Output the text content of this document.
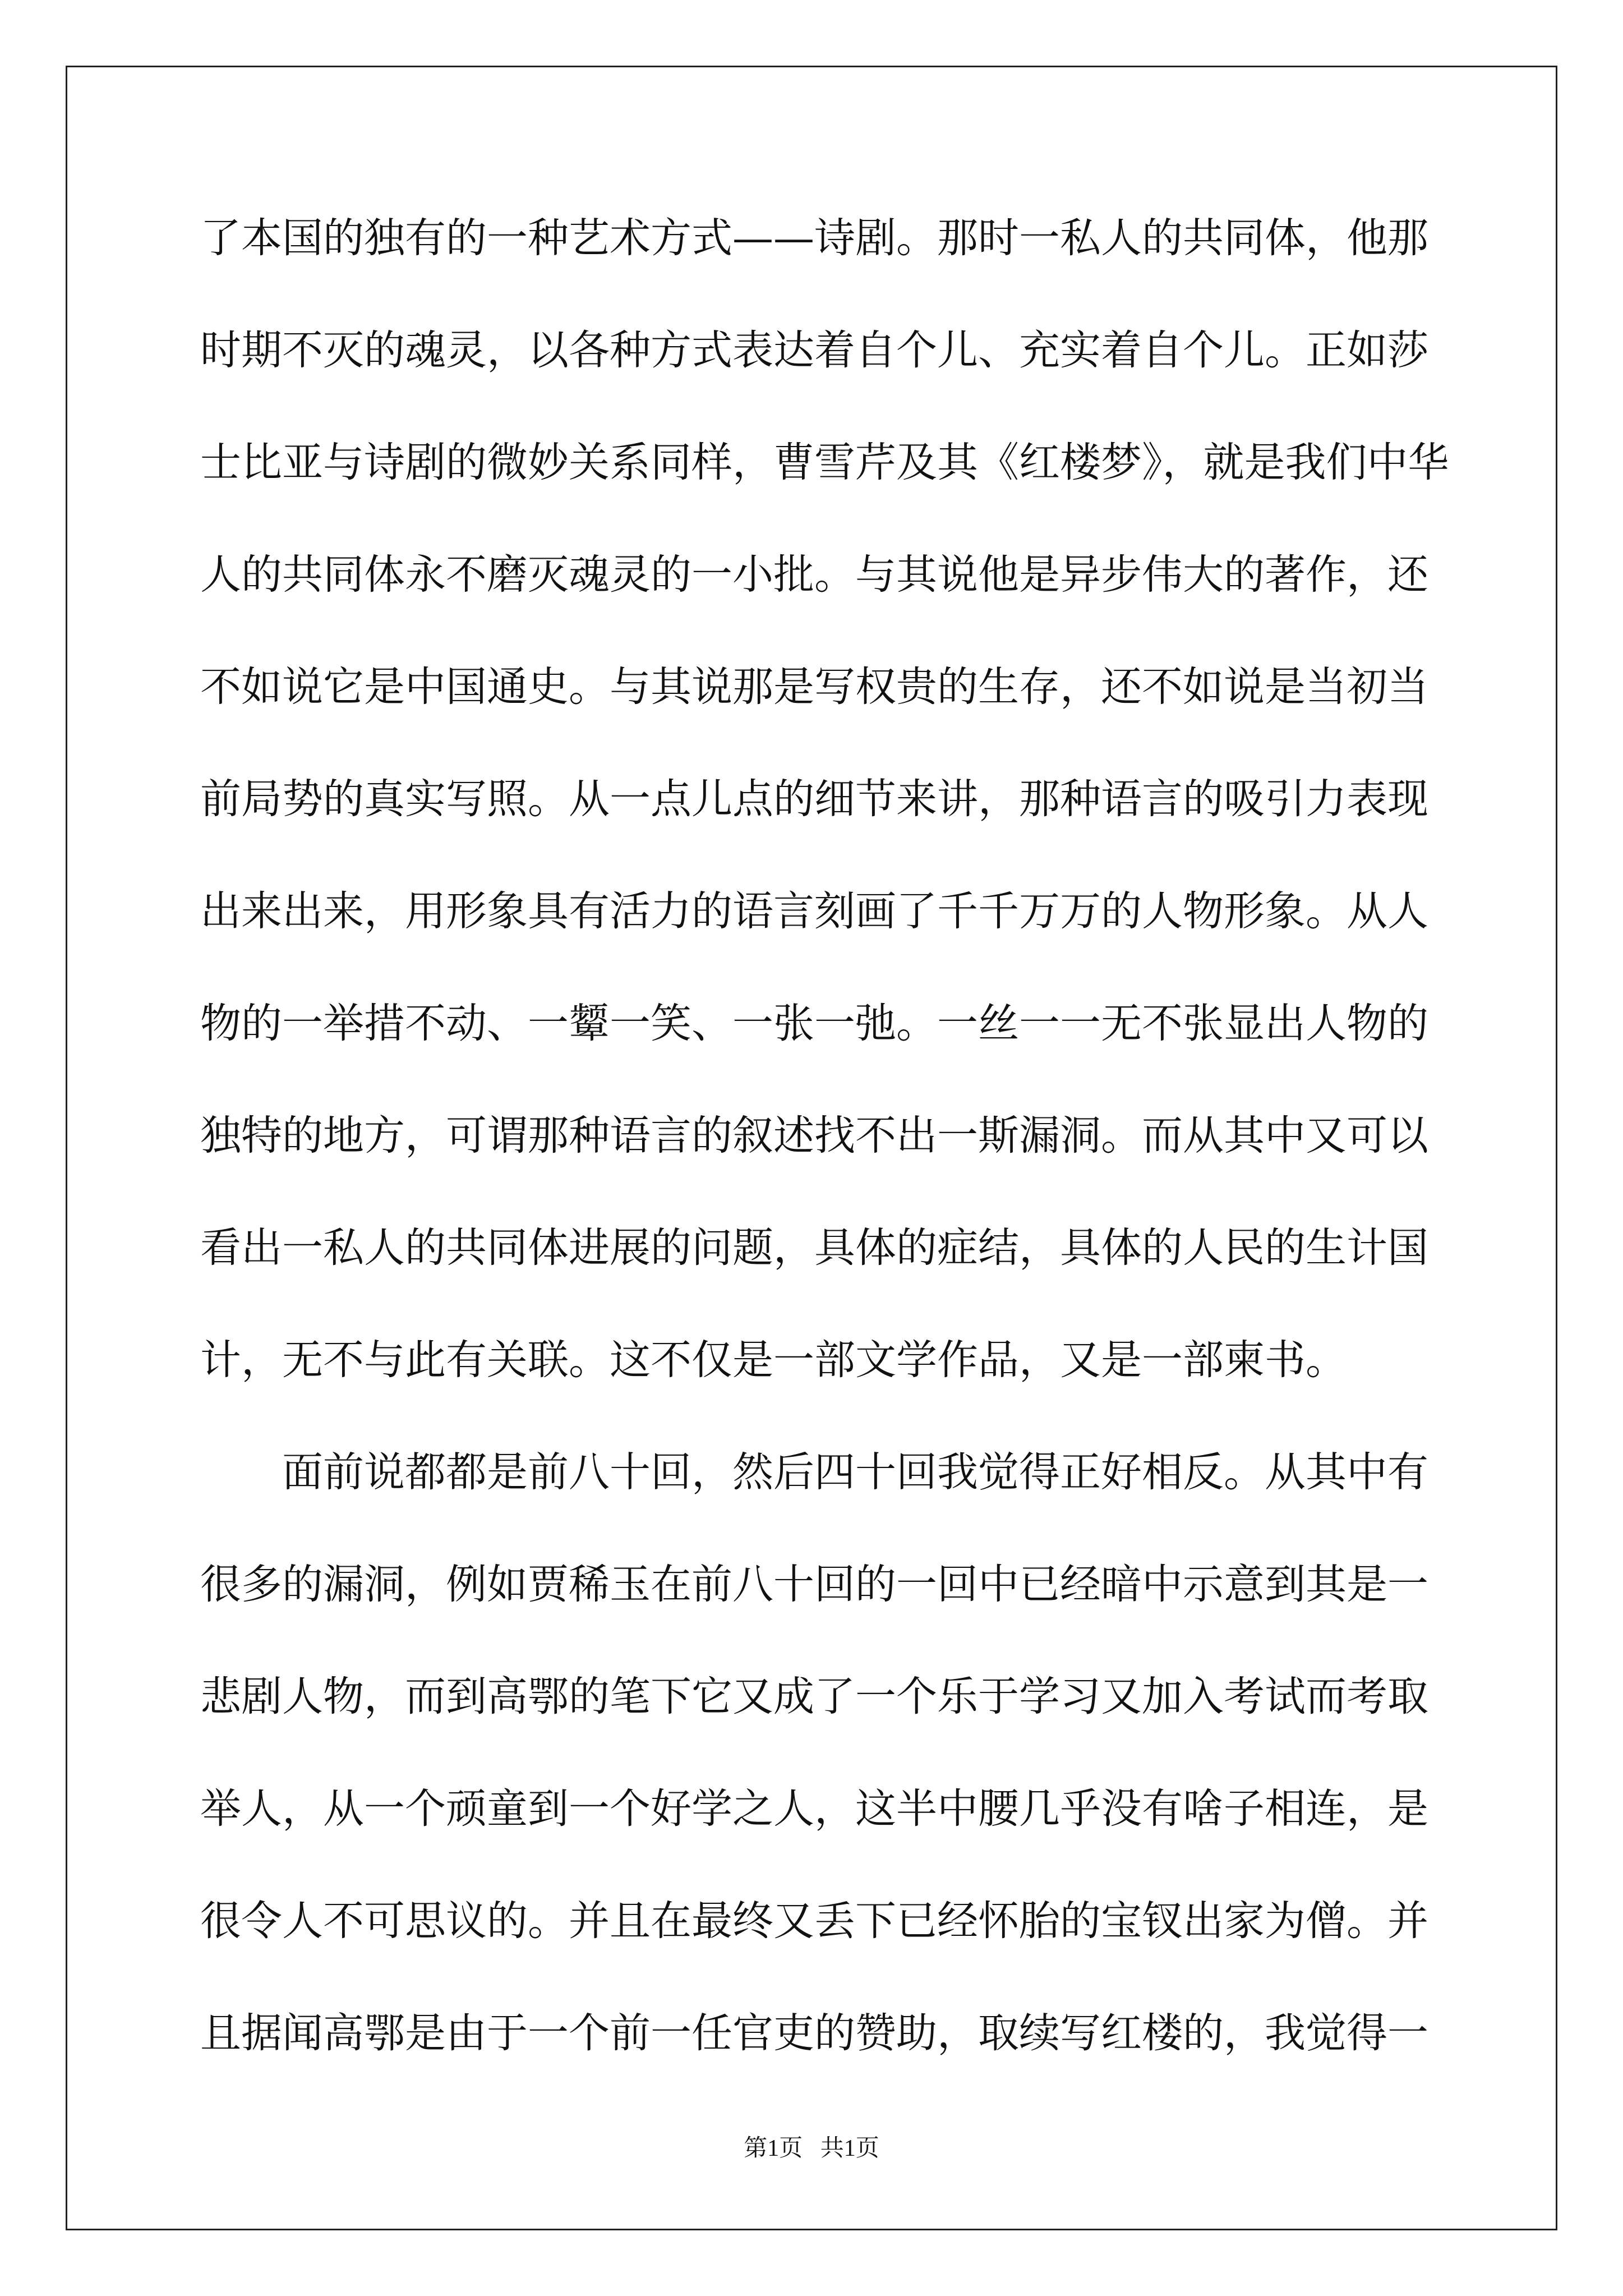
了本国的独有的一种艺术方式——诗剧。那时一私人的共同体，他那
时期不灭的魂灵，以各种方式表达着自个儿、充实着自个儿。正如莎
士比亚与诗剧的微妙关系同样，曹雪芹及其《红楼梦》，就是我们中华
人的共同体永不磨灭魂灵的一小批。与其说他是异步伟大的著作，还
不如说它是中国通史。与其说那是写权贵的生存，还不如说是当初当
前局势的真实写照。从一点儿点的细节来讲，那种语言的吸引力表现
出来出来，用形象具有活力的语言刻画了千千万万的人物形象。从人
物的一举措不动、一颦一笑、一张一弛。一丝一一无不张显出人物的
独特的地方，可谓那种语言的叙述找不出一斯漏洞。而从其中又可以
看出一私人的共同体进展的问题，具体的症结，具体的人民的生计国
计，无不与此有关联。这不仅是一部文学作品，又是一部柬书。
面前说都都是前八十回，然后四十回我觉得正好相反。从其中有
很多的漏洞，例如贾稀玉在前八十回的一回中已经暗中示意到其是一
悲剧人物，而到高鄂的笔下它又成了一个乐于学习又加入考试而考取
举人，从一个顽童到一个好学之人，这半中腰几乎没有啥子相连，是
很令人不可思议的。并且在最终又丢下已经怀胎的宝钗出家为僧。并
且据闻高鄂是由于一个前一任官吏的赞助，取续写红楼的，我觉得一
第1页   共1页
